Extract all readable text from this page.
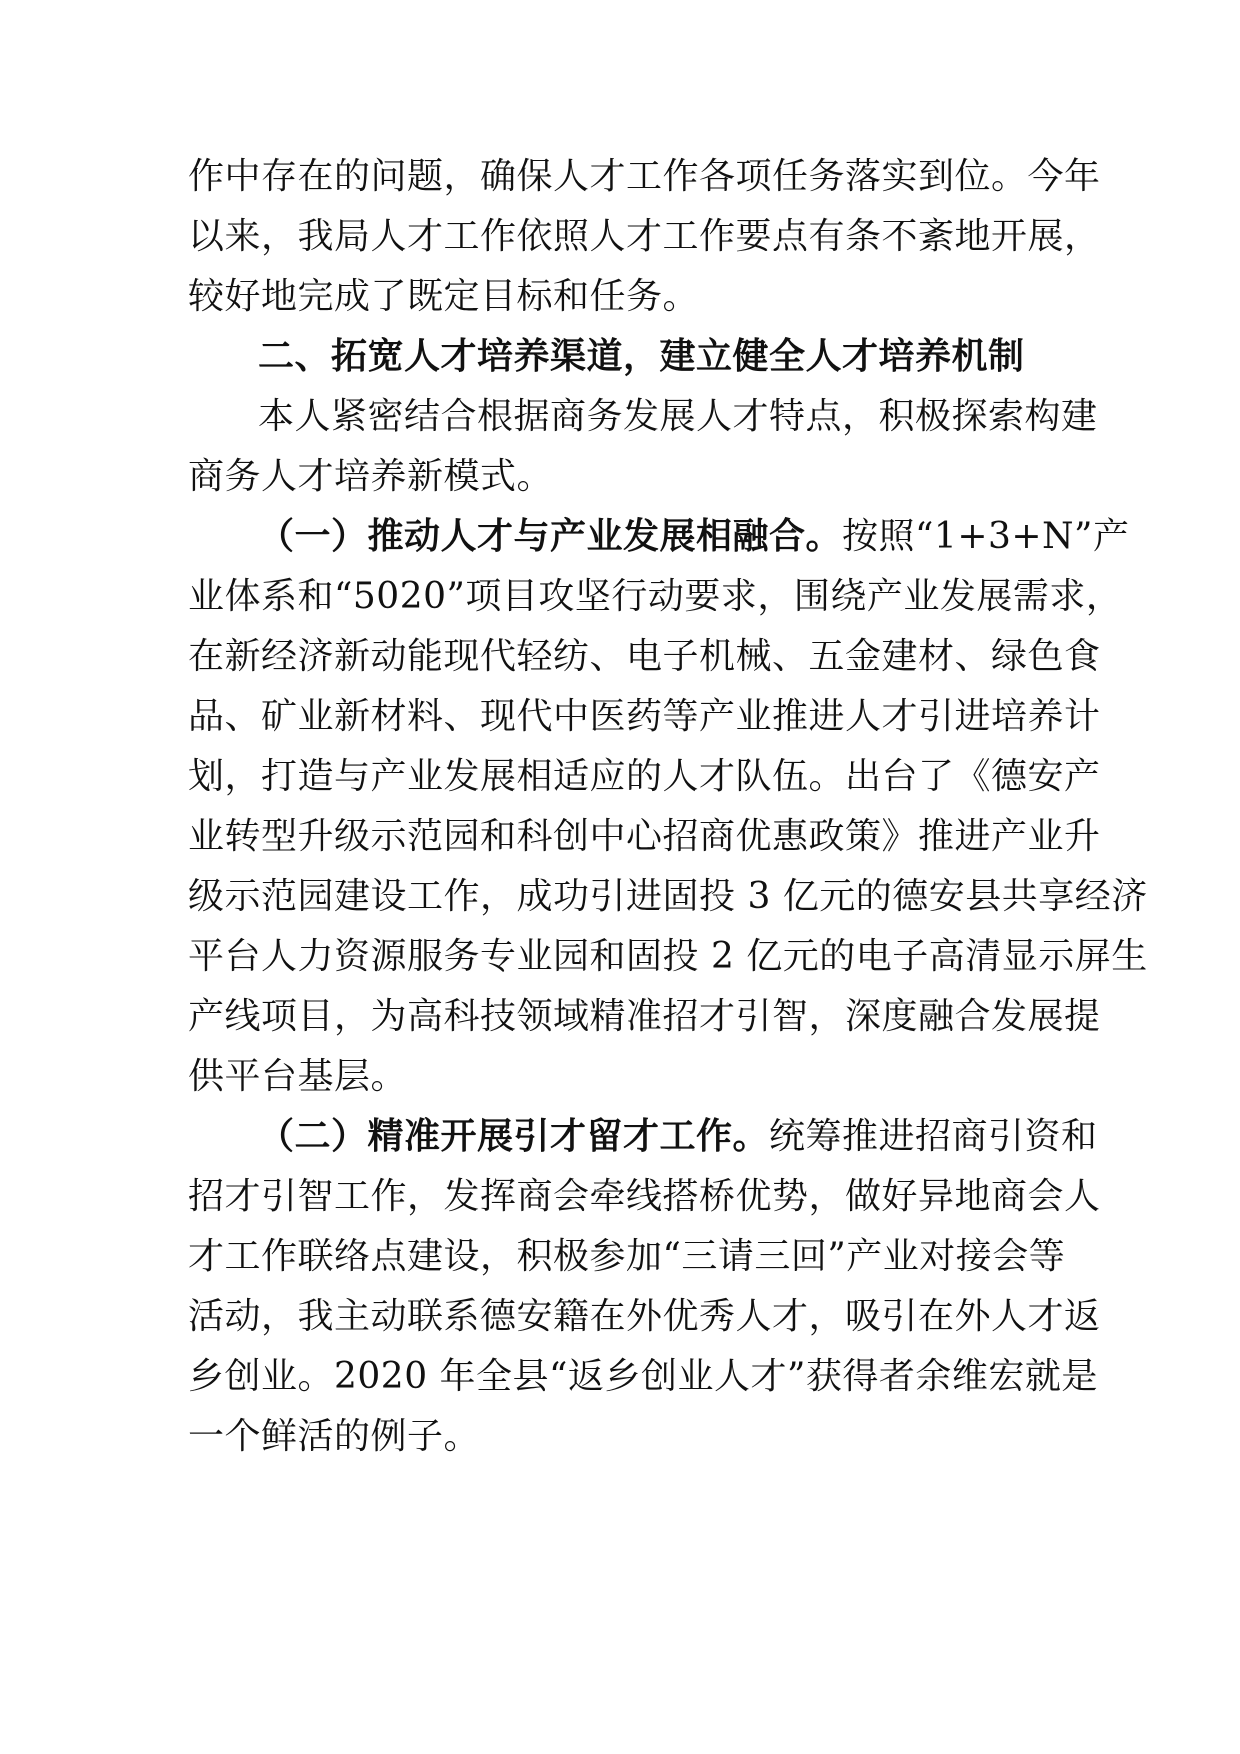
作中存在的问题，确保人才工作各项任务落实到位。今年
以来，我局人才工作依照人才工作要点有条不紊地开展，
较好地完成了既定目标和任务。
二、拓宽人才培养渠道，建立健全人才培养机制
本人紧密结合根据商务发展人才特点，积极探索构建
商务人才培养新模式。
（一）推动人才与产业发展相融合。按照“1+3+N”产
业体系和“5020”项目攻坚行动要求，围绕产业发展需求，
在新经济新动能现代轻纺、电子机械、五金建材、绿色食
品、矿业新材料、现代中医药等产业推进人才引进培养计
划，打造与产业发展相适应的人才队伍。出台了《德安产
业转型升级示范园和科创中心招商优惠政策》推进产业升
级示范园建设工作，成功引进固投 3 亿元的德安县共享经济
平台人力资源服务专业园和固投 2 亿元的电子高清显示屏生
产线项目，为高科技领域精准招才引智，深度融合发展提
供平台基层。
（二）精准开展引才留才工作。统筹推进招商引资和
招才引智工作，发挥商会牵线搭桥优势，做好异地商会人
才工作联络点建设，积极参加“三请三回”产业对接会等
活动，我主动联系德安籍在外优秀人才，吸引在外人才返
乡创业。2020 年全县“返乡创业人才”获得者余维宏就是
一个鲜活的例子。
